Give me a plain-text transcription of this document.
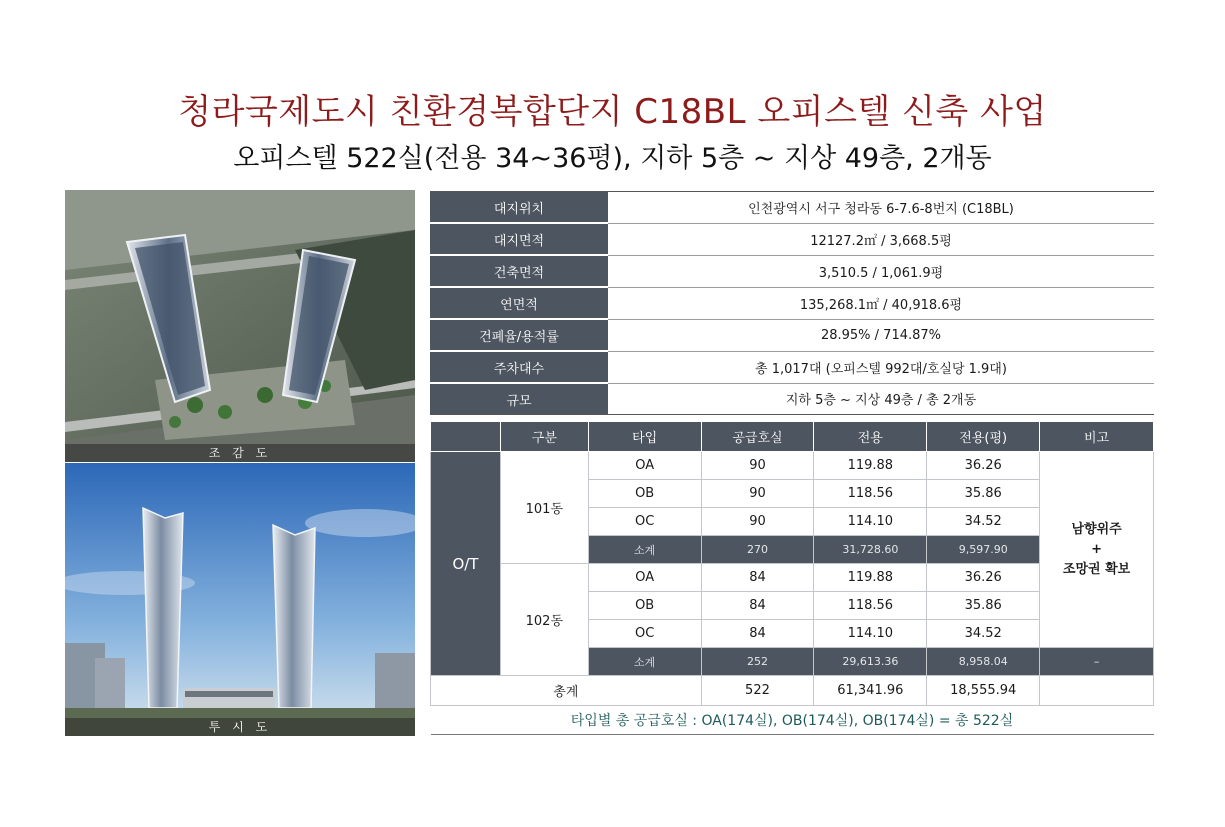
청라국제도시 친환경복합단지 C18BL 오피스텔 신축 사업
오피스텔 522실(전용 34~36평), 지하 5층 ~ 지상 49층, 2개동
조 감 도
투 시 도
대지위치	인천광역시 서구 청라동 6-7.6-8번지 (C18BL)
대지면적	12127.2㎡ / 3,668.5평
건축면적	3,510.5 / 1,061.9평
연면적	135,268.1㎡ / 40,918.6평
건폐율/용적률	28.95% / 714.87%
주차대수	총 1,017대 (오피스텔 992대/호실당 1.9대)
규모	지하 5층 ~ 지상 49층 / 총 2개동
	구분	타입	공급호실	전용	전용(평)	비고
O/T	101동	OA	90	119.88	36.26	남향위주
+
조망권 확보

		OB	90	118.56	35.86	
		OC	90	114.10	34.52	
		소계	270	31,728.60	9,597.90	
	102동	OA	84	119.88	36.26	
		OB	84	118.56	35.86	
		OC	84	114.10	34.52	
		소계	252	29,613.36	8,958.04	–
총계			522	61,341.96	18,555.94	
타입별 총 공급호실 : OA(174실), OB(174실), OB(174실) = 총 522실						
